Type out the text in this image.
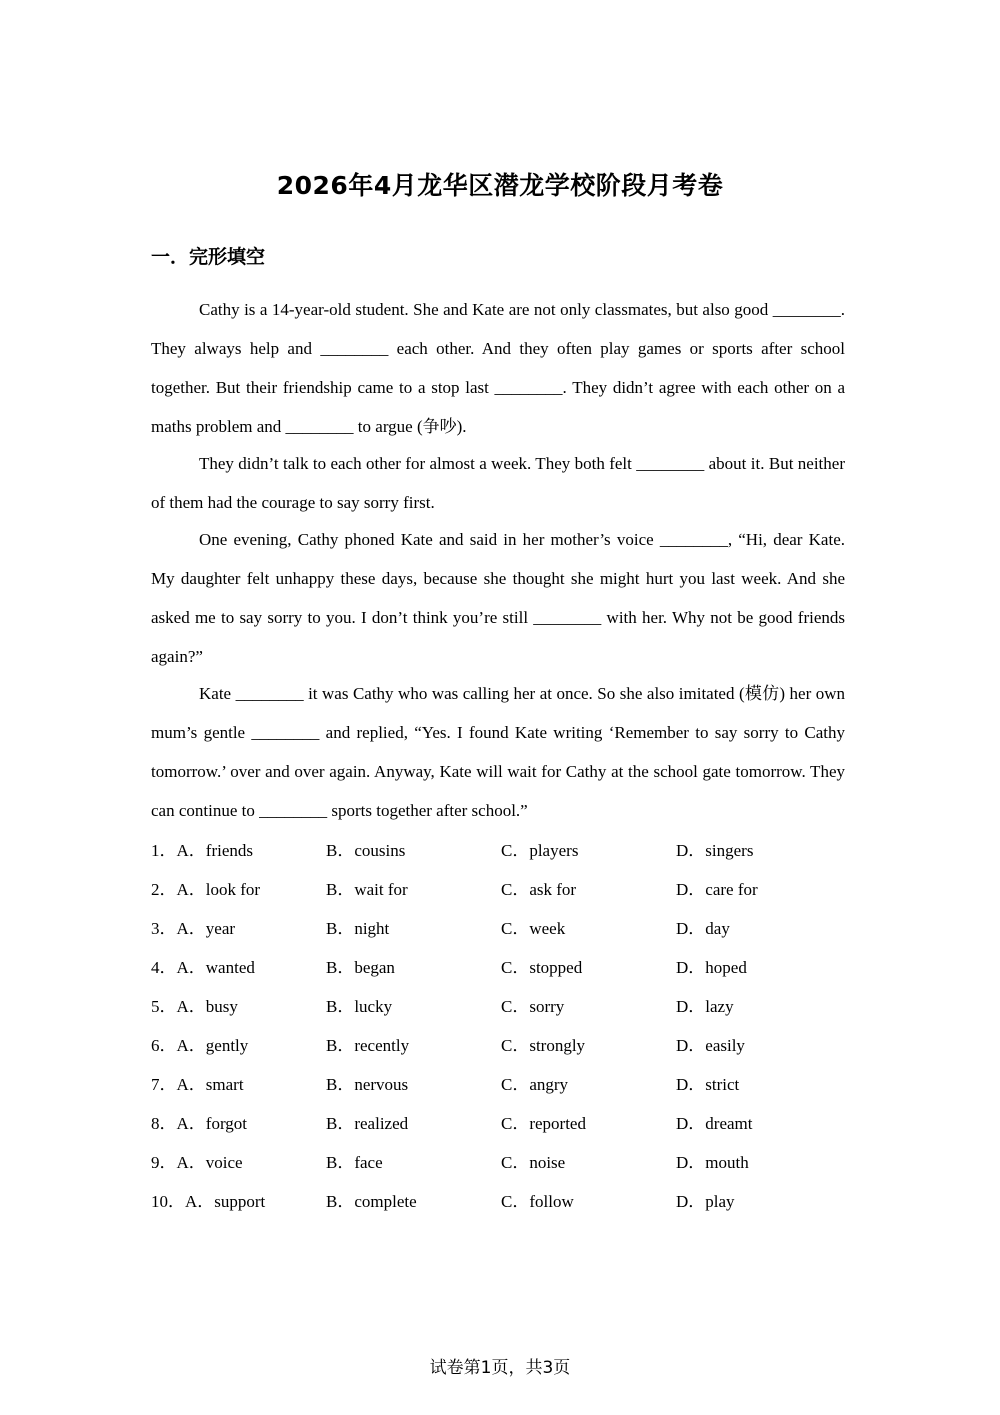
2026年4月龙华区潜龙学校阶段月考卷
一．完形填空

Cathy is a 14-year-old student. She and Kate are not only classmates, but also good ________. They always help and ________ each other. And they often play games or sports after school together. But their friendship came to a stop last ________. They didn’t agree with each other on a maths problem and ________ to argue (争吵).

They didn’t talk to each other for almost a week. They both felt ________ about it. But neither of them had the courage to say sorry first.

One evening, Cathy phoned Kate and said in her mother’s voice ________, “Hi, dear Kate. My daughter felt unhappy these days, because she thought she might hurt you last week. And she asked me to say sorry to you. I don’t think you’re still ________ with her. Why not be good friends again?”

Kate ________ it was Cathy who was calling her at once. So she also imitated (模仿) her own mum’s gentle ________ and replied, “Yes. I found Kate writing ‘Remember to say sorry to Cathy tomorrow.’ over and over again. Anyway, Kate will wait for Cathy at the school gate tomorrow. They can continue to ________ sports together after school.”

1．A．friends	B．cousins	C．players	D．singers
2．A．look for	B．wait for	C．ask for	D．care for
3．A．year	B．night	C．week	D．day
4．A．wanted	B．began	C．stopped	D．hoped
5．A．busy	B．lucky	C．sorry	D．lazy
6．A．gently	B．recently	C．strongly	D．easily
7．A．smart	B．nervous	C．angry	D．strict
8．A．forgot	B．realized	C．reported	D．dreamt
9．A．voice	B．face	C．noise	D．mouth
10．A．support	B．complete	C．follow	D．play
试卷第1页，共3页
